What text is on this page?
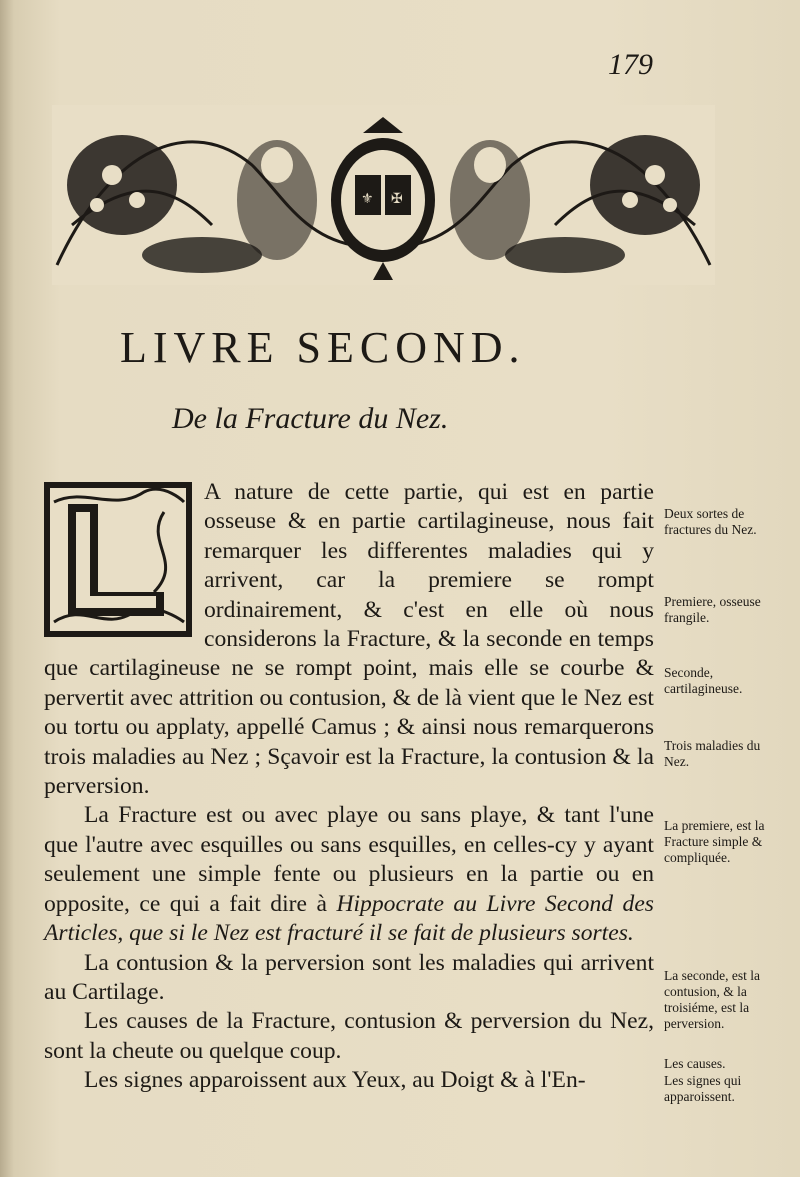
179
⚜ ✠
LIVRE SECOND.
De la Fracture du Nez.

A nature de cette partie, qui est en partie osseuse & en partie cartilagineuse, nous fait remarquer les differentes maladies qui y arrivent, car la premiere se rompt ordinairement, & c'est en elle où nous considerons la Fracture, & la seconde en temps que cartilagineuse ne se rompt point, mais elle se courbe & pervertit avec attrition ou contusion, & de là vient que le Nez est ou tortu ou applaty, appellé Camus ; & ainsi nous remarquerons trois maladies au Nez ; Sçavoir est la Fracture, la contusion & la perversion.

La Fracture est ou avec playe ou sans playe, & tant l'une que l'autre avec esquilles ou sans esquilles, en celles-cy y ayant seulement une simple fente ou plusieurs en la partie ou en opposite, ce qui a fait dire à Hippocrate au Livre Second des Articles, que si le Nez est fracturé il se fait de plusieurs sortes.

La contusion & la perversion sont les maladies qui arrivent au Cartilage.

Les causes de la Fracture, contusion & perversion du Nez, sont la cheute ou quelque coup.

Les signes apparoissent aux Yeux, au Doigt & à l'En-

Deux sortes de fractures du Nez.
Premiere, osseuse frangile.
Seconde, cartilagineuse.
Trois maladies du Nez.
La premiere, est la Fracture simple & compliquée.
La seconde, est la contusion, & la troisiéme, est la perversion.
Les causes.
Les signes qui apparoissent.
